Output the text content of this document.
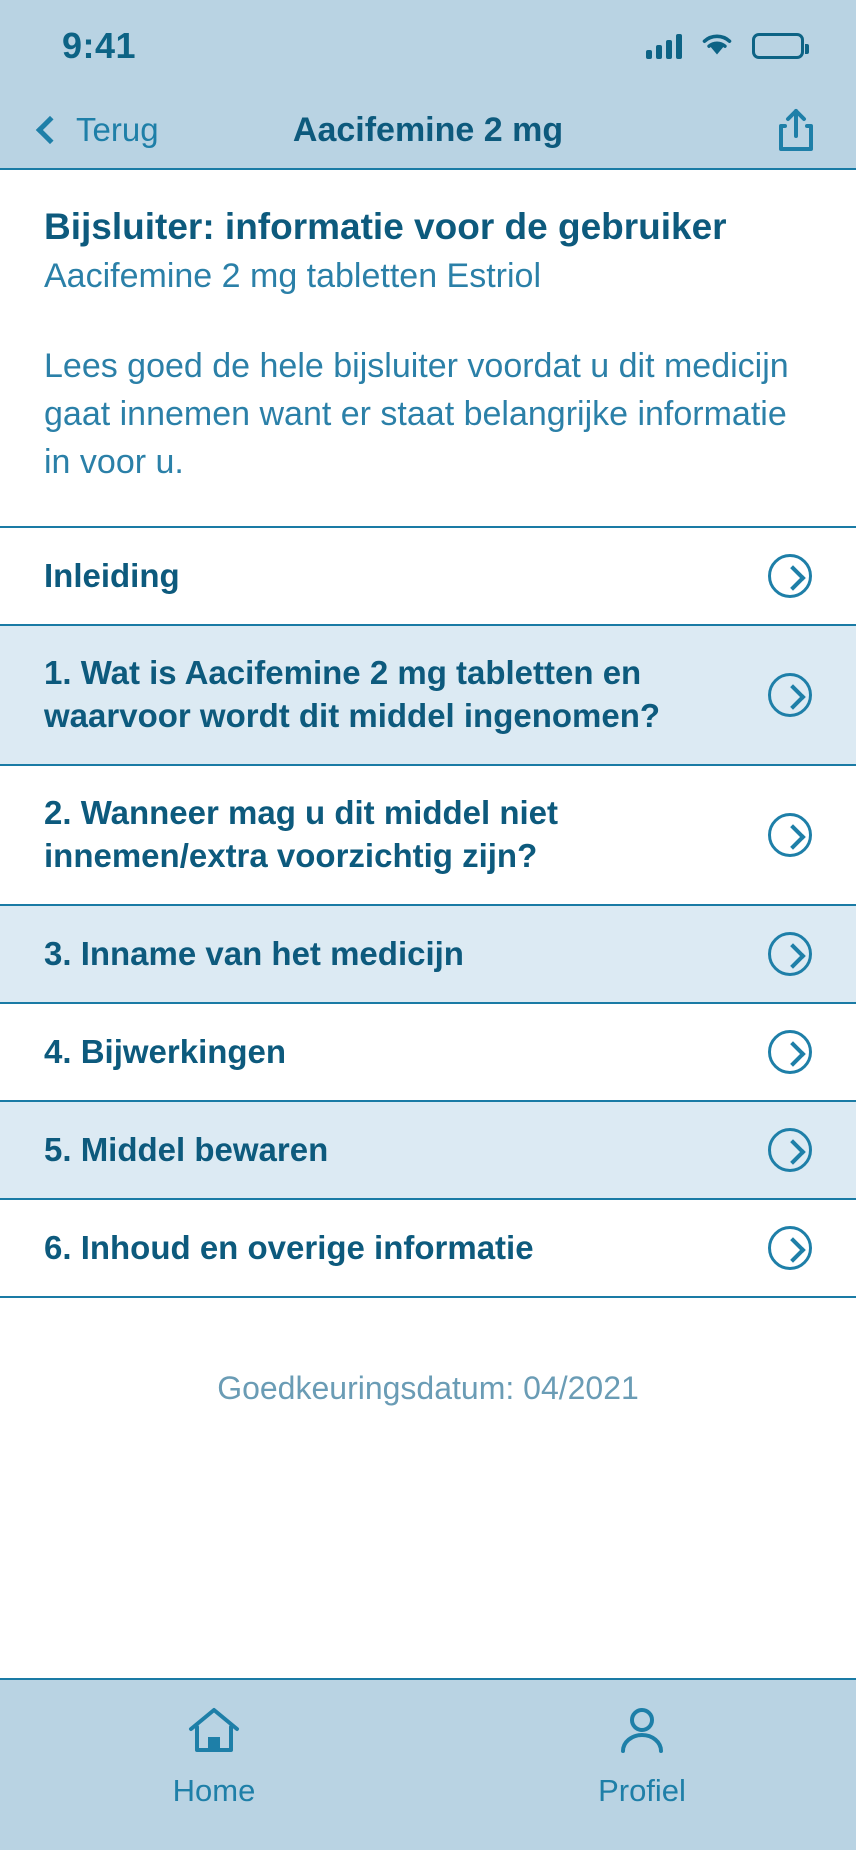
9:41
Terug	Aacifemine 2 mg
Bijsluiter: informatie voor de gebruiker
Aacifemine 2 mg tabletten Estriol
Lees goed de hele bijsluiter voordat u dit medicijn gaat innemen want er staat belangrijke informatie in voor u.
Inleiding
1. Wat is Aacifemine 2 mg tabletten en waarvoor wordt dit middel ingenomen?
2. Wanneer mag u dit middel niet innemen/extra voorzichtig zijn?
3. Inname van het medicijn
4. Bijwerkingen
5. Middel bewaren
6. Inhoud en overige informatie
Goedkeuringsdatum: 04/2021
Home	Profiel
